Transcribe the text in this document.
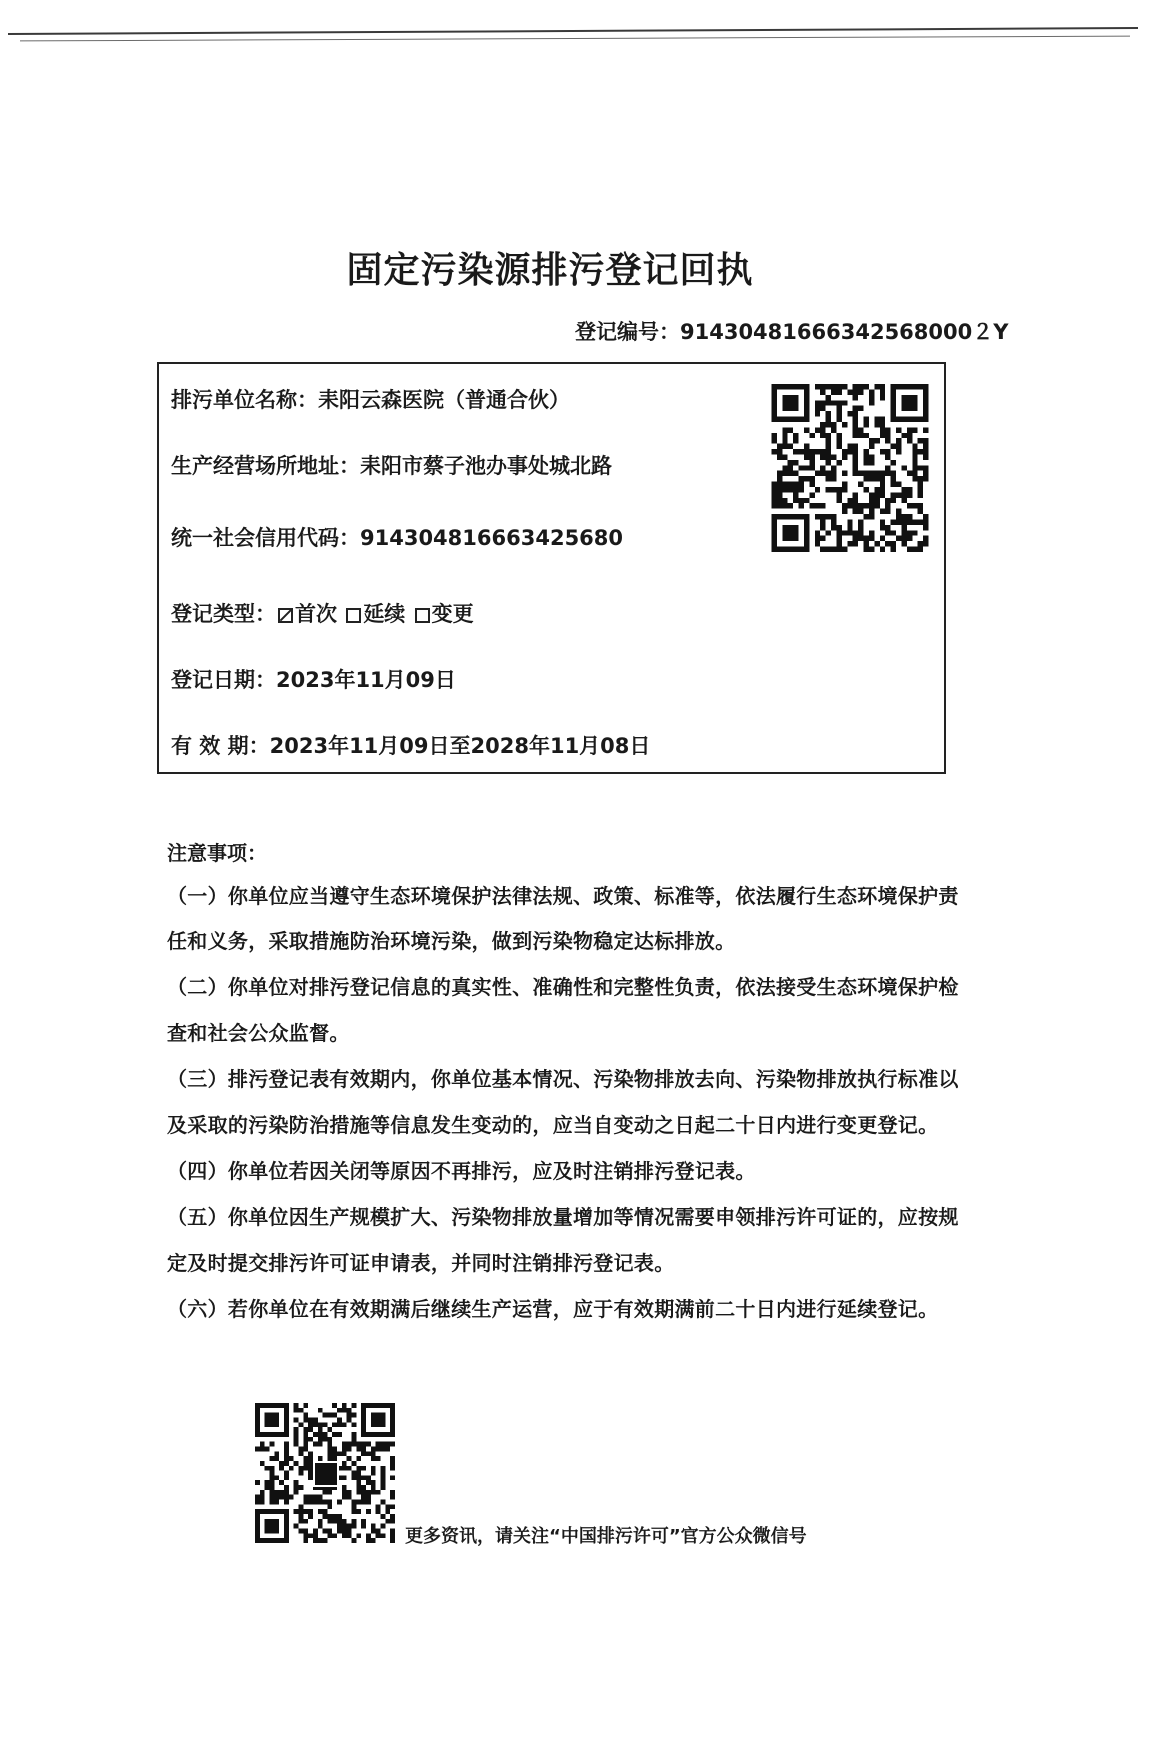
固定污染源排污登记回执
登记编号：91430481666342568000２Y
排污单位名称：耒阳云森医院（普通合伙）
生产经营场所地址：耒阳市蔡子池办事处城北路
统一社会信用代码：914304816663425680
登记类型： 首次 延续 变更
登记日期：2023年11月09日
有 效 期：2023年11月09日至2028年11月08日
注意事项：
（一）你单位应当遵守生态环境保护法律法规、政策、标准等，依法履行生态环境保护责
任和义务，采取措施防治环境污染，做到污染物稳定达标排放。
（二）你单位对排污登记信息的真实性、准确性和完整性负责，依法接受生态环境保护检
查和社会公众监督。
（三）排污登记表有效期内，你单位基本情况、污染物排放去向、污染物排放执行标准以
及采取的污染防治措施等信息发生变动的，应当自变动之日起二十日内进行变更登记。
（四）你单位若因关闭等原因不再排污，应及时注销排污登记表。
（五）你单位因生产规模扩大、污染物排放量增加等情况需要申领排污许可证的，应按规
定及时提交排污许可证申请表，并同时注销排污登记表。
（六）若你单位在有效期满后继续生产运营，应于有效期满前二十日内进行延续登记。
更多资讯，请关注“中国排污许可”官方公众微信号
